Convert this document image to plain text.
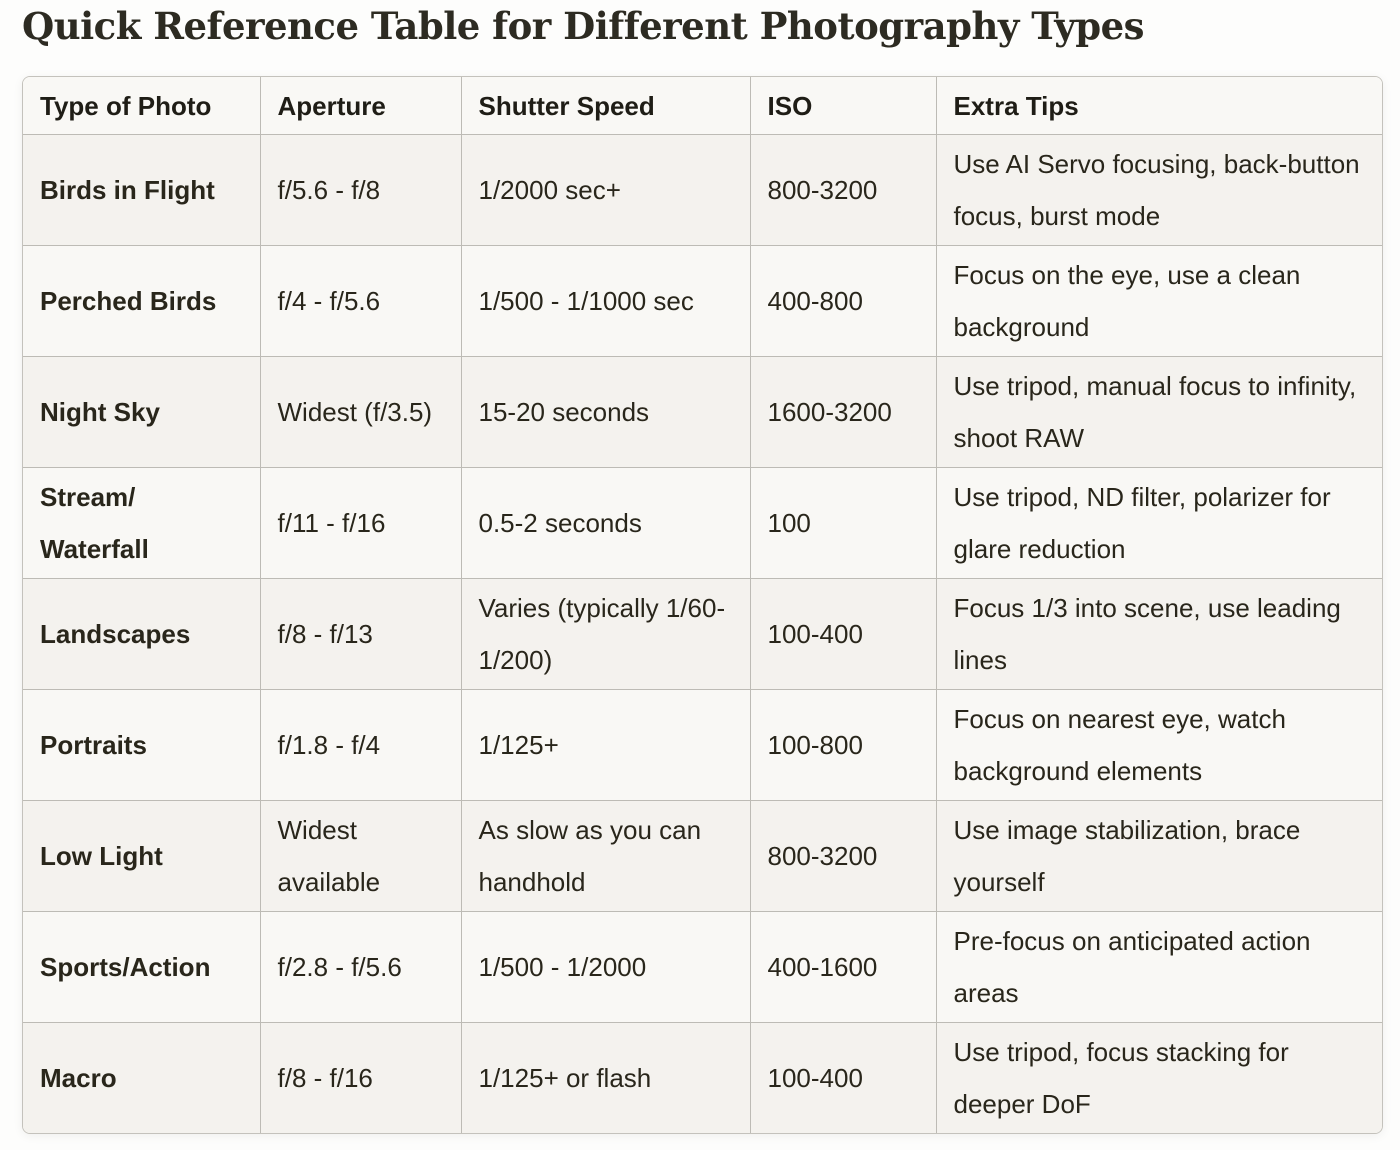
Quick Reference Table for Different Photography Types
Type of Photo	Aperture	Shutter Speed	ISO	Extra Tips
Birds in Flight	f/5.6 - f/8	1/2000 sec+	800-3200	Use AI Servo focusing, back-button focus, burst mode
Perched Birds	f/4 - f/5.6	1/500 - 1/1000 sec	400-800	Focus on the eye, use a clean background
Night Sky	Widest (f/3.5)	15-20 seconds	1600-3200	Use tripod, manual focus to infinity, shoot RAW
Stream/ Waterfall	f/11 - f/16	0.5-2 seconds	100	Use tripod, ND filter, polarizer for glare reduction
Landscapes	f/8 - f/13	Varies (typically 1/60-1/200)	100-400	Focus 1/3 into scene, use leading lines
Portraits	f/1.8 - f/4	1/125+	100-800	Focus on nearest eye, watch background elements
Low Light	Widest available	As slow as you can handhold	800-3200	Use image stabilization, brace yourself
Sports/Action	f/2.8 - f/5.6	1/500 - 1/2000	400-1600	Pre-focus on anticipated action areas
Macro	f/8 - f/16	1/125+ or flash	100-400	Use tripod, focus stacking for deeper DoF
